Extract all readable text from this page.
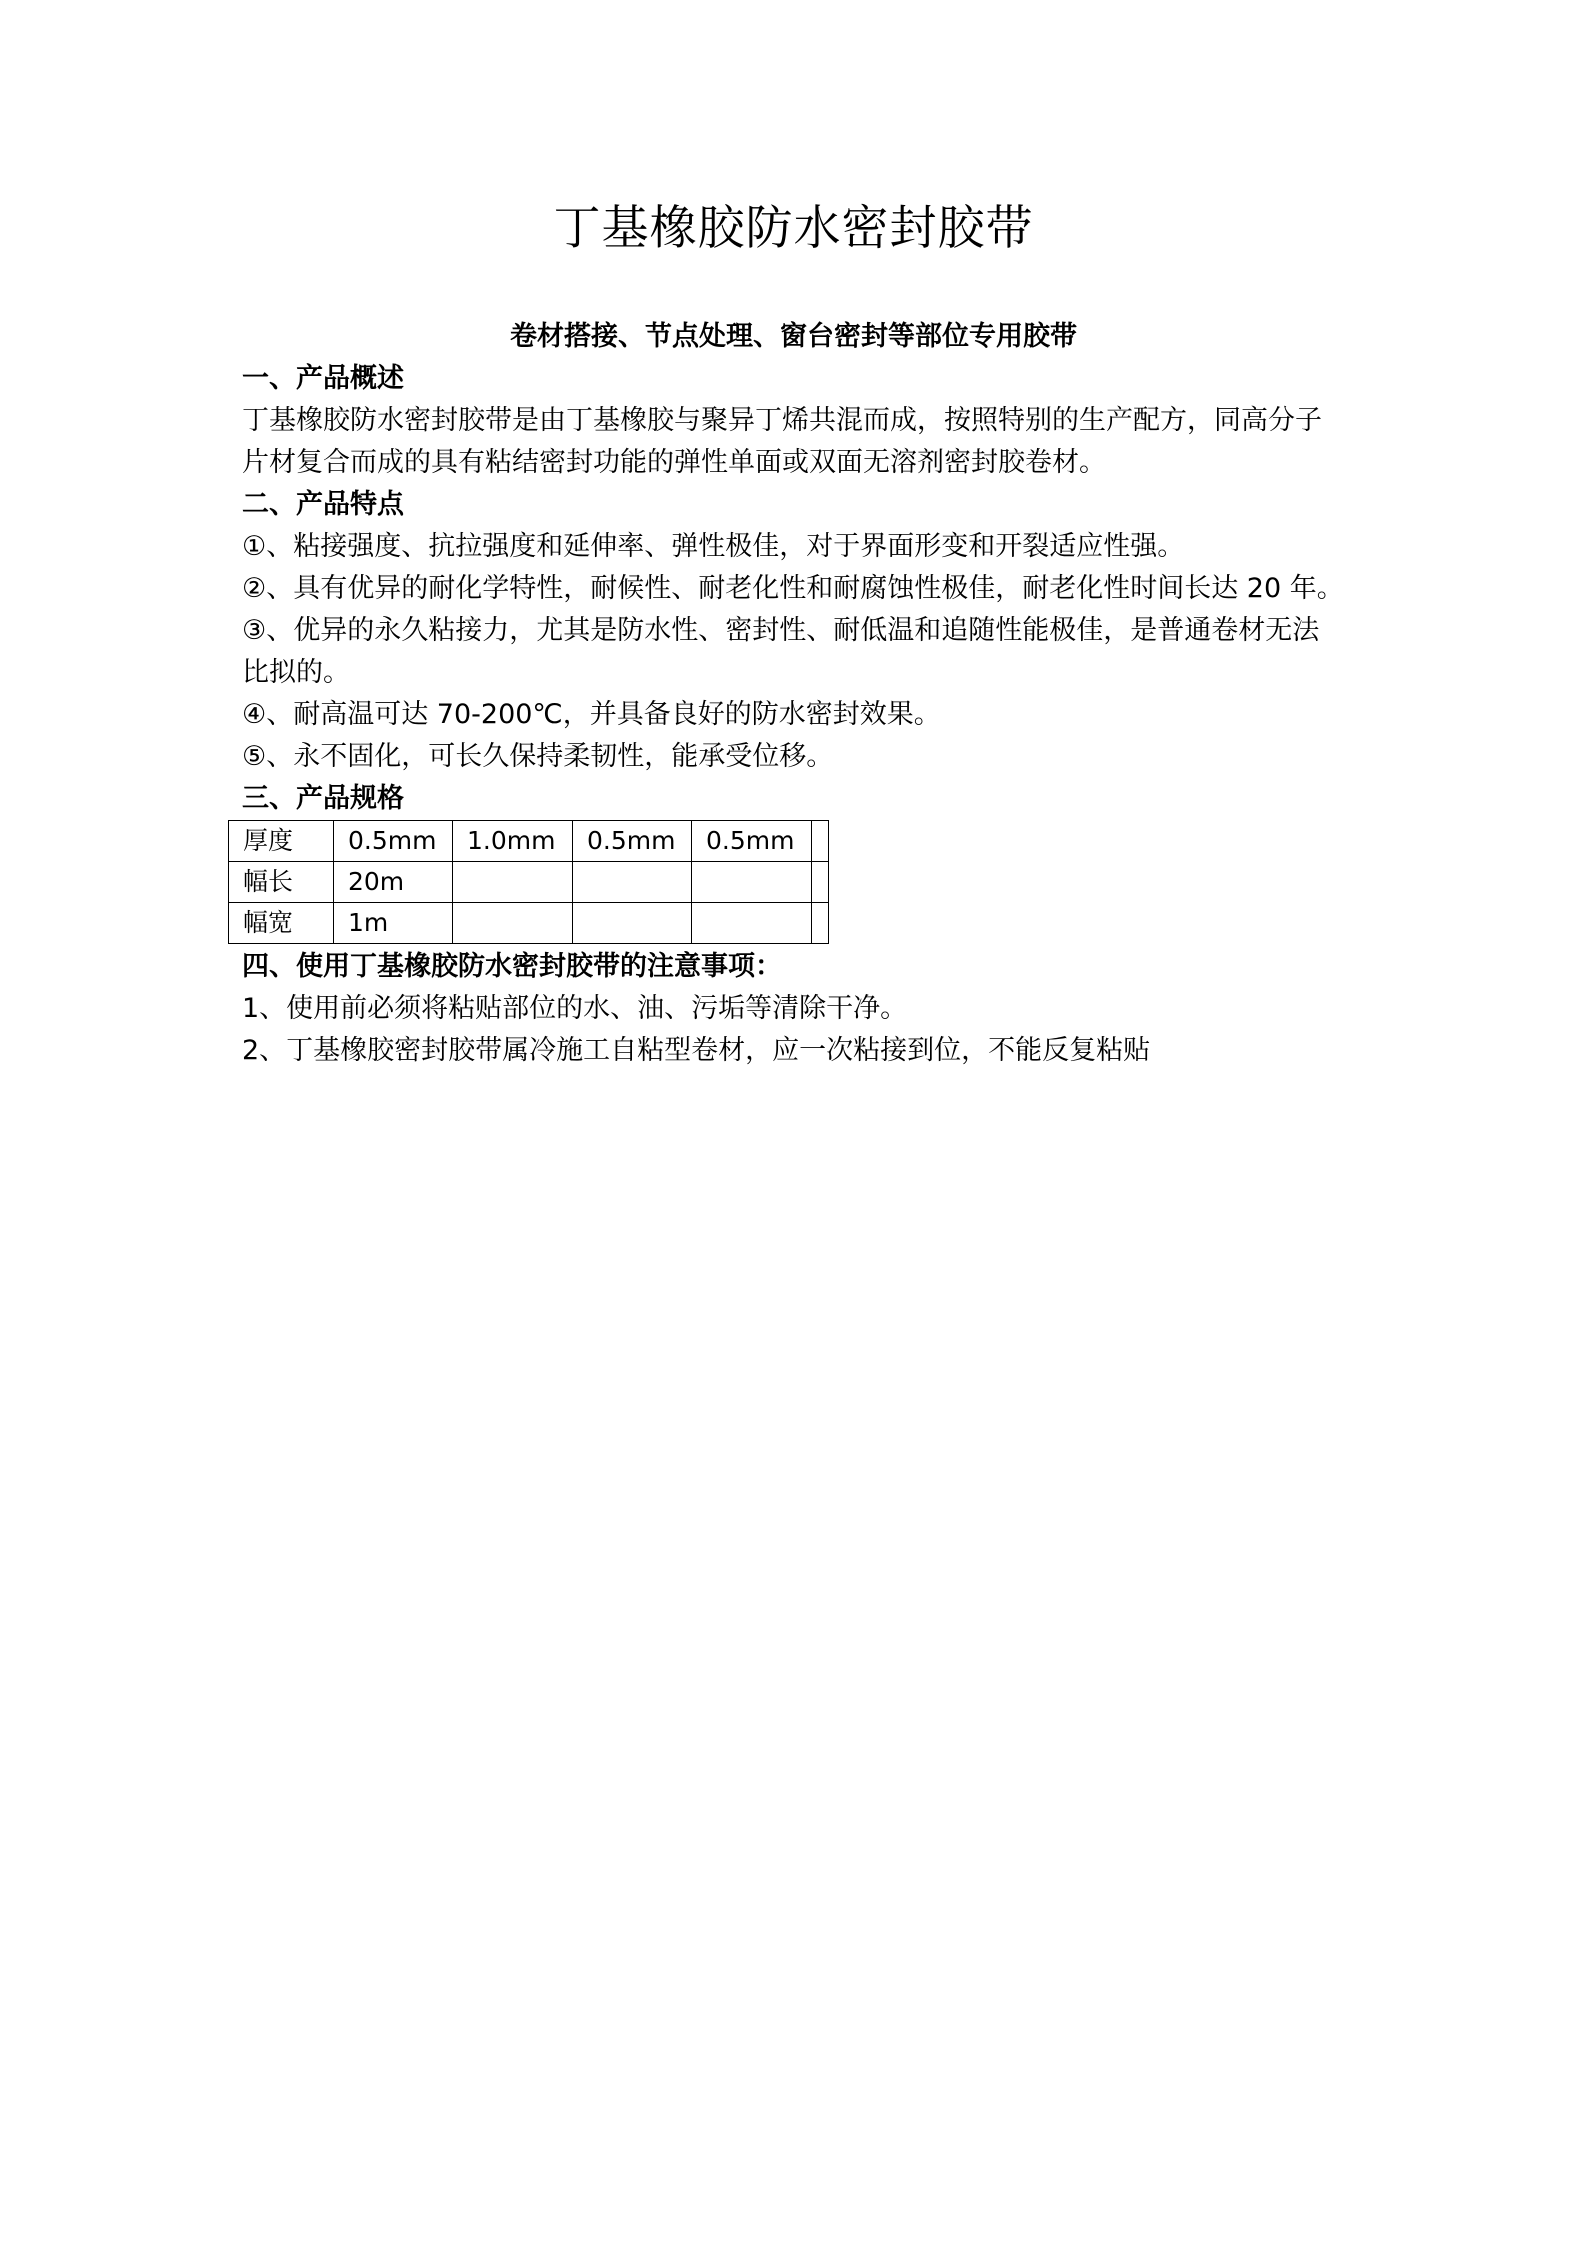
丁基橡胶防水密封胶带
卷材搭接、节点处理、窗台密封等部位专用胶带
一、产品概述
丁基橡胶防水密封胶带是由丁基橡胶与聚异丁烯共混而成，按照特别的生产配方，同高分子
片材复合而成的具有粘结密封功能的弹性单面或双面无溶剂密封胶卷材。
二、产品特点
①、粘接强度、抗拉强度和延伸率、弹性极佳，对于界面形变和开裂适应性强。
②、具有优异的耐化学特性，耐候性、耐老化性和耐腐蚀性极佳，耐老化性时间长达 20 年。
③、优异的永久粘接力，尤其是防水性、密封性、耐低温和追随性能极佳，是普通卷材无法
比拟的。
④、耐高温可达 70-200℃，并具备良好的防水密封效果。
⑤、永不固化，可长久保持柔韧性，能承受位移。
三、产品规格
厚度	0.5mm	1.0mm	0.5mm	0.5mm	
幅长	20m				
幅宽	1m				
四、使用丁基橡胶防水密封胶带的注意事项：
1、使用前必须将粘贴部位的水、油、污垢等清除干净。
2、丁基橡胶密封胶带属冷施工自粘型卷材，应一次粘接到位，不能反复粘贴
